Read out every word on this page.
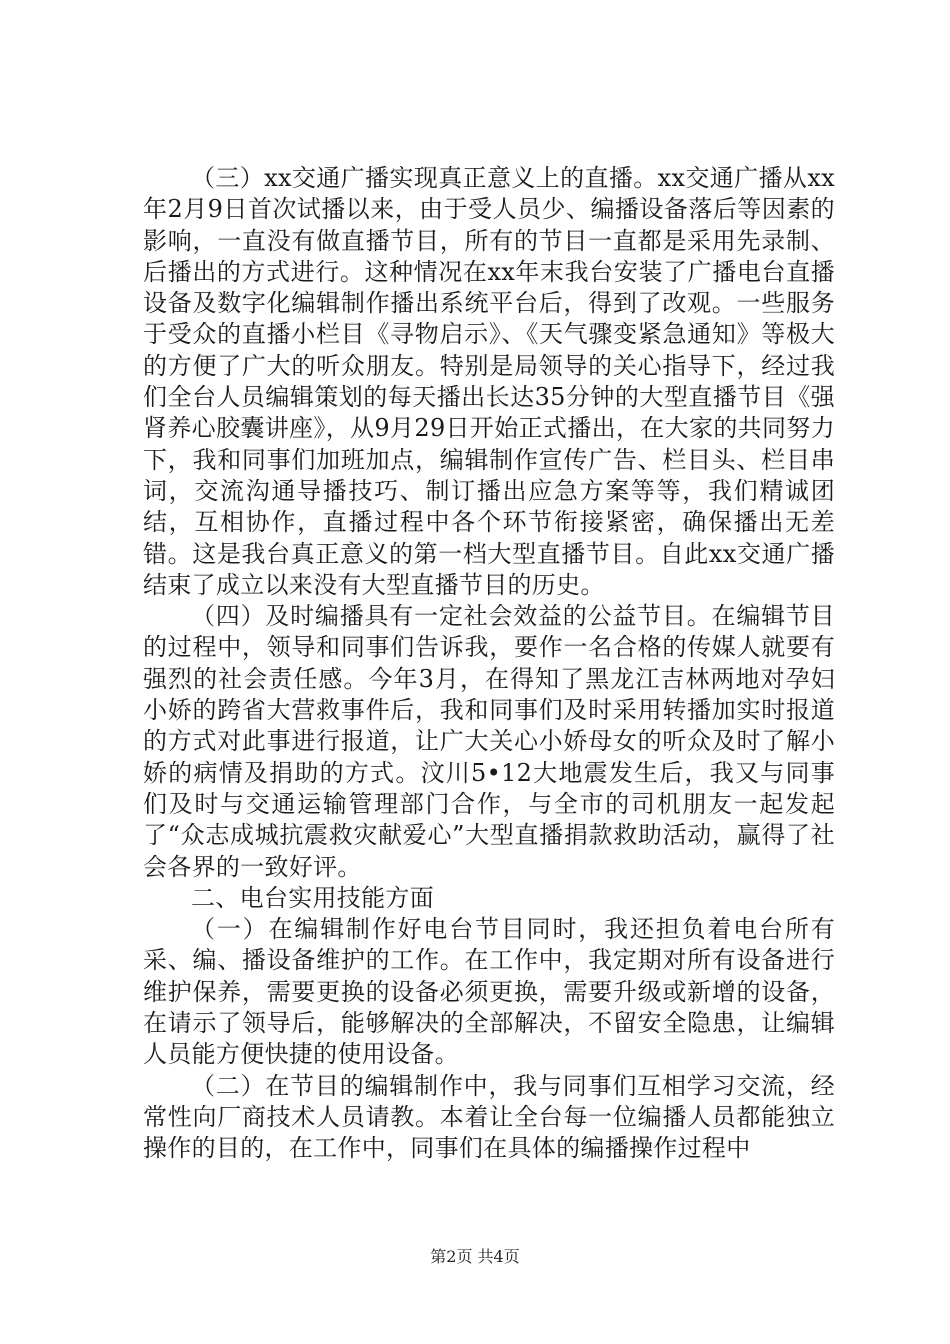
（三）xx交通广播实现真正意义上的直播。xx交通广播从xx年2月9日首次试播以来，由于受人员少、编播设备落后等因素的影响，一直没有做直播节目，所有的节目一直都是采用先录制、后播出的方式进行。这种情况在xx年末我台安装了广播电台直播设备及数字化编辑制作播出系统平台后，得到了改观。一些服务于受众的直播小栏目《寻物启示》、《天气骤变紧急通知》等极大的方便了广大的听众朋友。特别是局领导的关心指导下，经过我们全台人员编辑策划的每天播出长达35分钟的大型直播节目《强肾养心胶囊讲座》，从9月29日开始正式播出，在大家的共同努力下，我和同事们加班加点，编辑制作宣传广告、栏目头、栏目串词，交流沟通导播技巧、制订播出应急方案等等，我们精诚团结，互相协作，直播过程中各个环节衔接紧密，确保播出无差错。这是我台真正意义的第一档大型直播节目。自此xx交通广播结束了成立以来没有大型直播节目的历史。

（四）及时编播具有一定社会效益的公益节目。在编辑节目的过程中，领导和同事们告诉我，要作一名合格的传媒人就要有强烈的社会责任感。今年3月，在得知了黑龙江吉林两地对孕妇小娇的跨省大营救事件后，我和同事们及时采用转播加实时报道的方式对此事进行报道，让广大关心小娇母女的听众及时了解小娇的病情及捐助的方式。汶川5•12大地震发生后，我又与同事们及时与交通运输管理部门合作，与全市的司机朋友一起发起了“众志成城抗震救灾献爱心”大型直播捐款救助活动，赢得了社会各界的一致好评。

二、电台实用技能方面

（一）在编辑制作好电台节目同时，我还担负着电台所有采、编、播设备维护的工作。在工作中，我定期对所有设备进行维护保养，需要更换的设备必须更换，需要升级或新增的设备，在请示了领导后，能够解决的全部解决，不留安全隐患，让编辑人员能方便快捷的使用设备。

（二）在节目的编辑制作中，我与同事们互相学习交流，经常性向厂商技术人员请教。本着让全台每一位编播人员都能独立操作的目的，在工作中，同事们在具体的编播操作过程中

第2页 共4页
